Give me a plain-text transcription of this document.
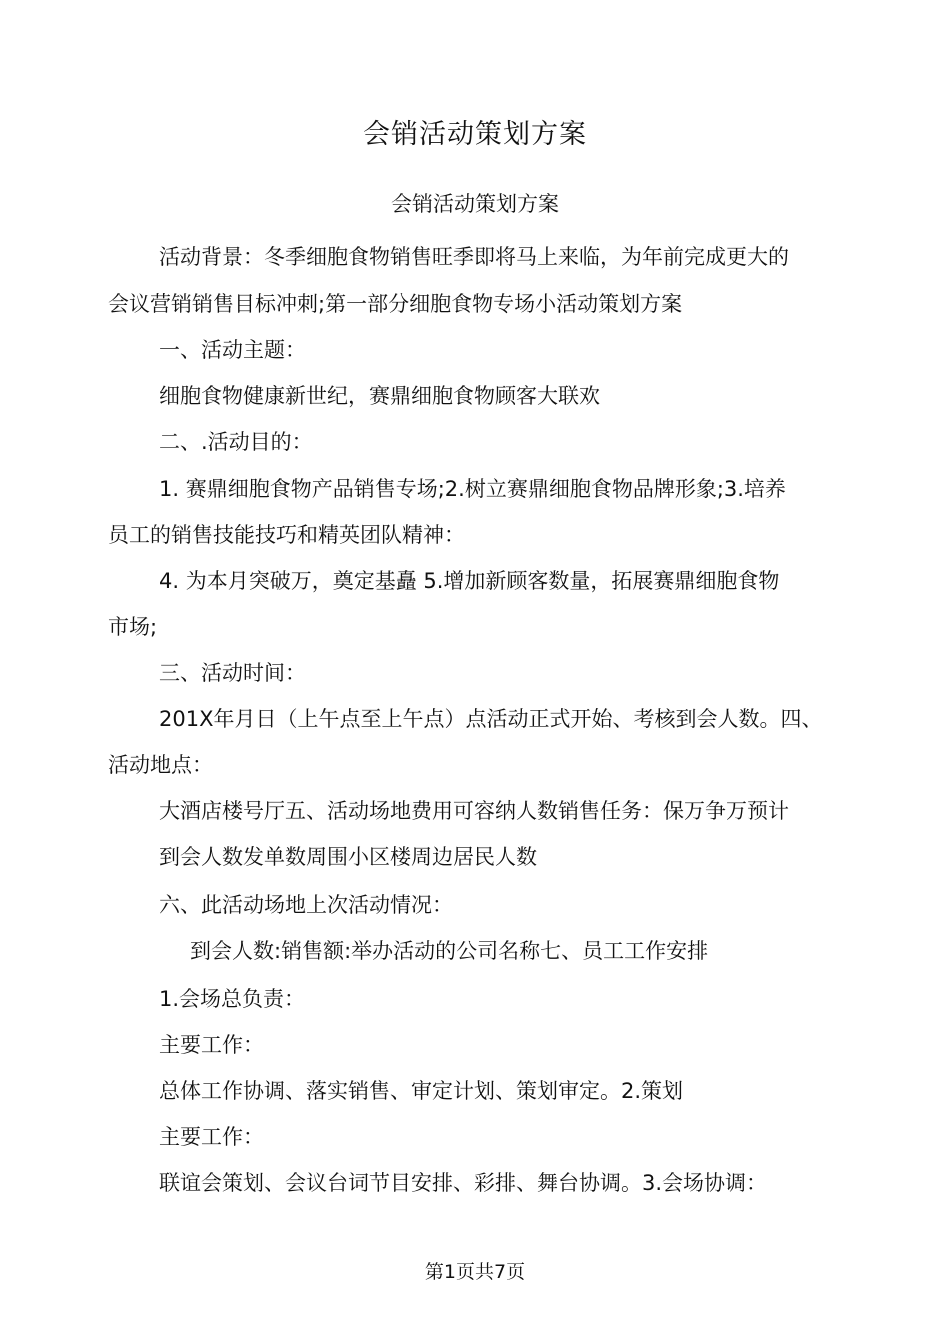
会销活动策划方案
会销活动策划方案
活动背景：冬季细胞食物销售旺季即将马上来临，为年前完成更大的
会议营销销售目标冲刺;第一部分细胞食物专场小活动策划方案
一、活动主题：
细胞食物健康新世纪，赛鼎细胞食物顾客大联欢
二、.活动目的：
1. 赛鼎细胞食物产品销售专场;2.树立赛鼎细胞食物品牌形象;3.培养
员工的销售技能技巧和精英团队精神：
4. 为本月突破万，奠定基矗 5.增加新顾客数量，拓展赛鼎细胞食物
市场;
三、活动时间：
201X年月日（上午点至上午点）点活动正式开始、考核到会人数。四、
活动地点：
大酒店楼号厅五、活动场地费用可容纳人数销售任务：保万争万预计
到会人数发单数周围小区楼周边居民人数
六、此活动场地上次活动情况：
到会人数:销售额:举办活动的公司名称七、员工工作安排
1.会场总负责：
主要工作：
总体工作协调、落实销售、审定计划、策划审定。2.策划
主要工作：
联谊会策划、会议台词节目安排、彩排、舞台协调。3.会场协调：
第1页共7页
